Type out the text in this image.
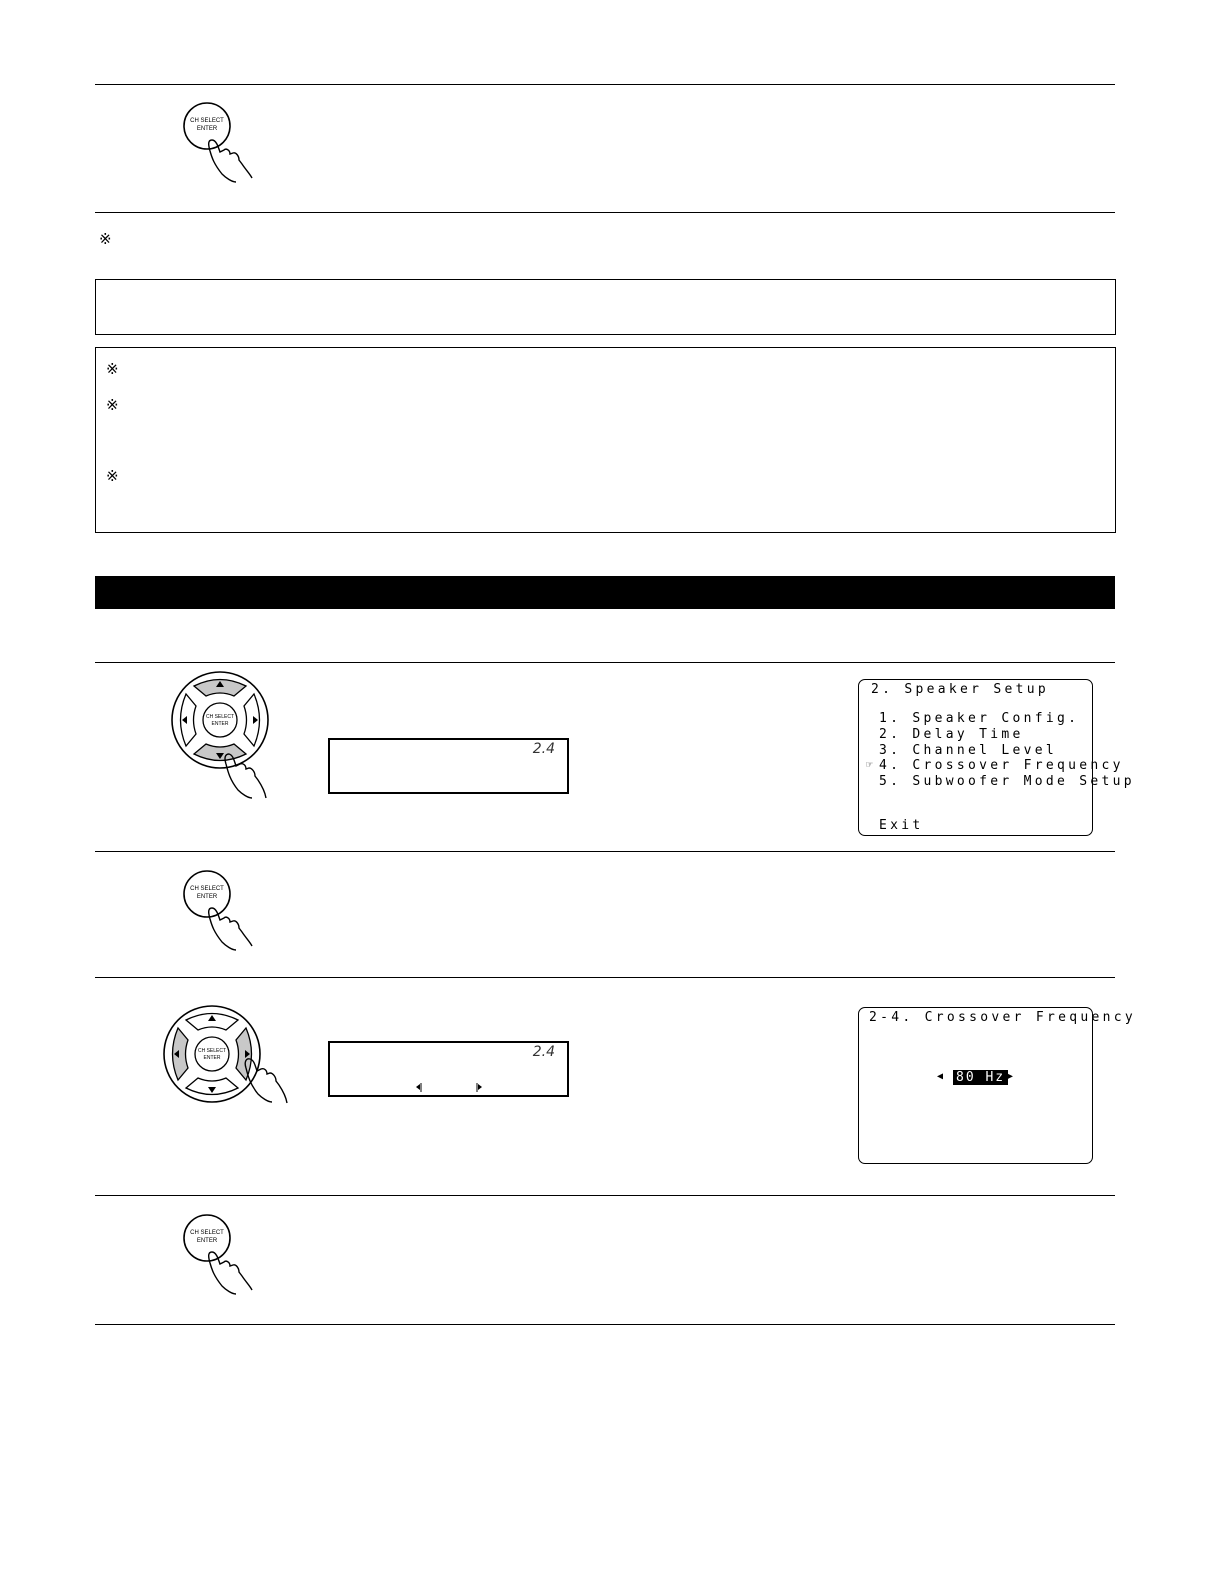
CH SELECT
ENTER
※
※
※
※
CH SELECT
ENTER
2.4
2. Speaker Setup
1. Speaker Config.
2. Delay Time
3. Channel Level
☞ 4. Crossover Frequency
5. Subwoofer Mode Setup
Exit
CH SELECT
ENTER
CH SELECT
ENTER	2.4
2-4. Crossover Frequency
◀ 80 Hz ▶
CH SELECT
ENTER
